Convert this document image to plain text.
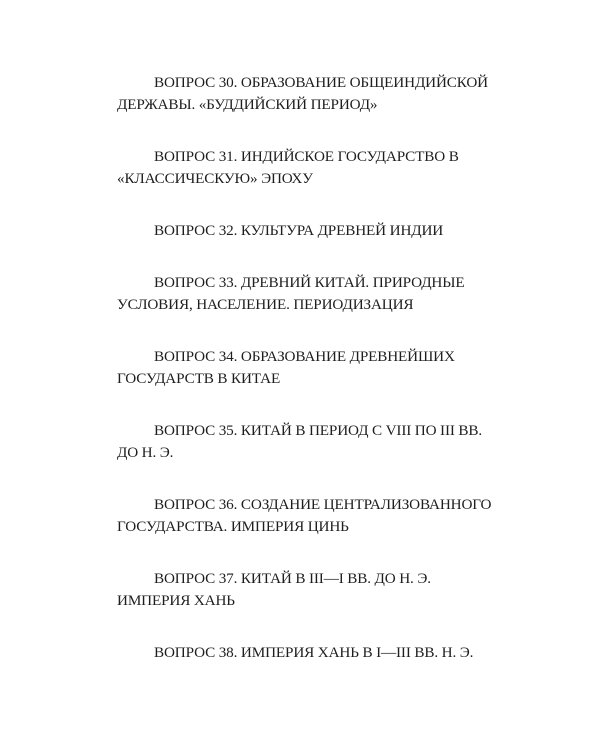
ВОПРОС 30. ОБРАЗОВАНИЕ ОБЩЕИНДИЙСКОЙ
ДЕРЖАВЫ. «БУДДИЙСКИЙ ПЕРИОД»
ВОПРОС 31. ИНДИЙСКОЕ ГОСУДАРСТВО В
«КЛАССИЧЕСКУЮ» ЭПОХУ
ВОПРОС 32. КУЛЬТУРА ДРЕВНЕЙ ИНДИИ
ВОПРОС 33. ДРЕВНИЙ КИТАЙ. ПРИРОДНЫЕ
УСЛОВИЯ, НАСЕЛЕНИЕ. ПЕРИОДИЗАЦИЯ
ВОПРОС 34. ОБРАЗОВАНИЕ ДРЕВНЕЙШИХ
ГОСУДАРСТВ В КИТАЕ
ВОПРОС 35. КИТАЙ В ПЕРИОД С VIII ПО III ВВ.
ДО Н. Э.
ВОПРОС 36. СОЗДАНИЕ ЦЕНТРАЛИЗОВАННОГО
ГОСУДАРСТВА. ИМПЕРИЯ ЦИНЬ
ВОПРОС 37. КИТАЙ В III—I ВВ. ДО Н. Э.
ИМПЕРИЯ ХАНЬ
ВОПРОС 38. ИМПЕРИЯ ХАНЬ В I—III ВВ. Н. Э.
